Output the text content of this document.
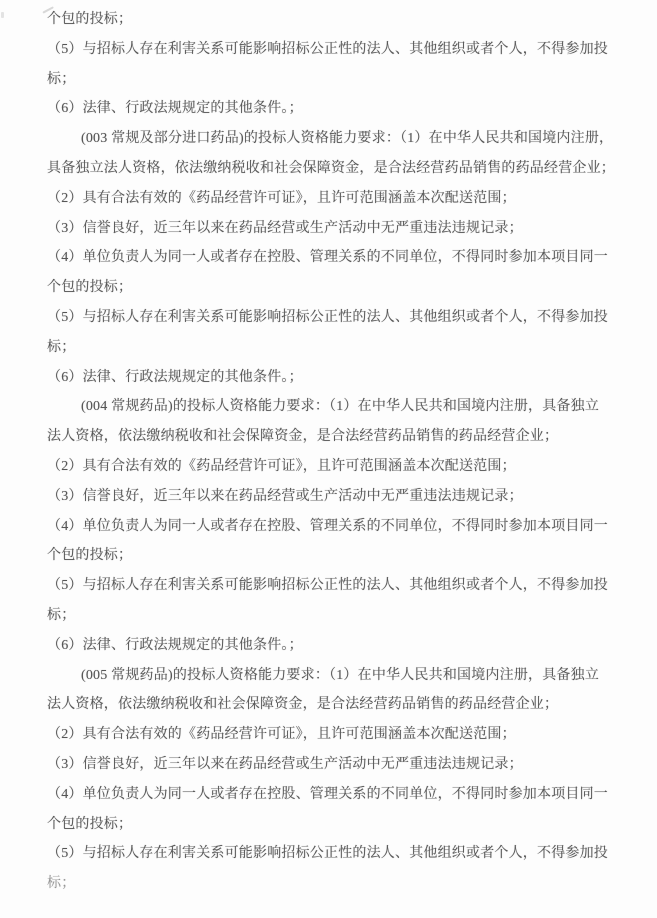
个包的投标；
（5）与招标人存在利害关系可能影响招标公正性的法人、其他组织或者个人，不得参加投
标；
（6）法律、行政法规规定的其他条件。；
(003 常规及部分进口药品)的投标人资格能力要求：（1）在中华人民共和国境内注册，
具备独立法人资格，依法缴纳税收和社会保障资金，是合法经营药品销售的药品经营企业；
（2）具有合法有效的《药品经营许可证》，且许可范围涵盖本次配送范围；
（3）信誉良好，近三年以来在药品经营或生产活动中无严重违法违规记录；
（4）单位负责人为同一人或者存在控股、管理关系的不同单位，不得同时参加本项目同一
个包的投标；
（5）与招标人存在利害关系可能影响招标公正性的法人、其他组织或者个人，不得参加投
标；
（6）法律、行政法规规定的其他条件。；
(004 常规药品)的投标人资格能力要求：（1）在中华人民共和国境内注册，具备独立
法人资格，依法缴纳税收和社会保障资金，是合法经营药品销售的药品经营企业；
（2）具有合法有效的《药品经营许可证》，且许可范围涵盖本次配送范围；
（3）信誉良好，近三年以来在药品经营或生产活动中无严重违法违规记录；
（4）单位负责人为同一人或者存在控股、管理关系的不同单位，不得同时参加本项目同一
个包的投标；
（5）与招标人存在利害关系可能影响招标公正性的法人、其他组织或者个人，不得参加投
标；
（6）法律、行政法规规定的其他条件。；
(005 常规药品)的投标人资格能力要求：（1）在中华人民共和国境内注册，具备独立
法人资格，依法缴纳税收和社会保障资金，是合法经营药品销售的药品经营企业；
（2）具有合法有效的《药品经营许可证》，且许可范围涵盖本次配送范围；
（3）信誉良好，近三年以来在药品经营或生产活动中无严重违法违规记录；
（4）单位负责人为同一人或者存在控股、管理关系的不同单位，不得同时参加本项目同一
个包的投标；
（5）与招标人存在利害关系可能影响招标公正性的法人、其他组织或者个人，不得参加投
标；
